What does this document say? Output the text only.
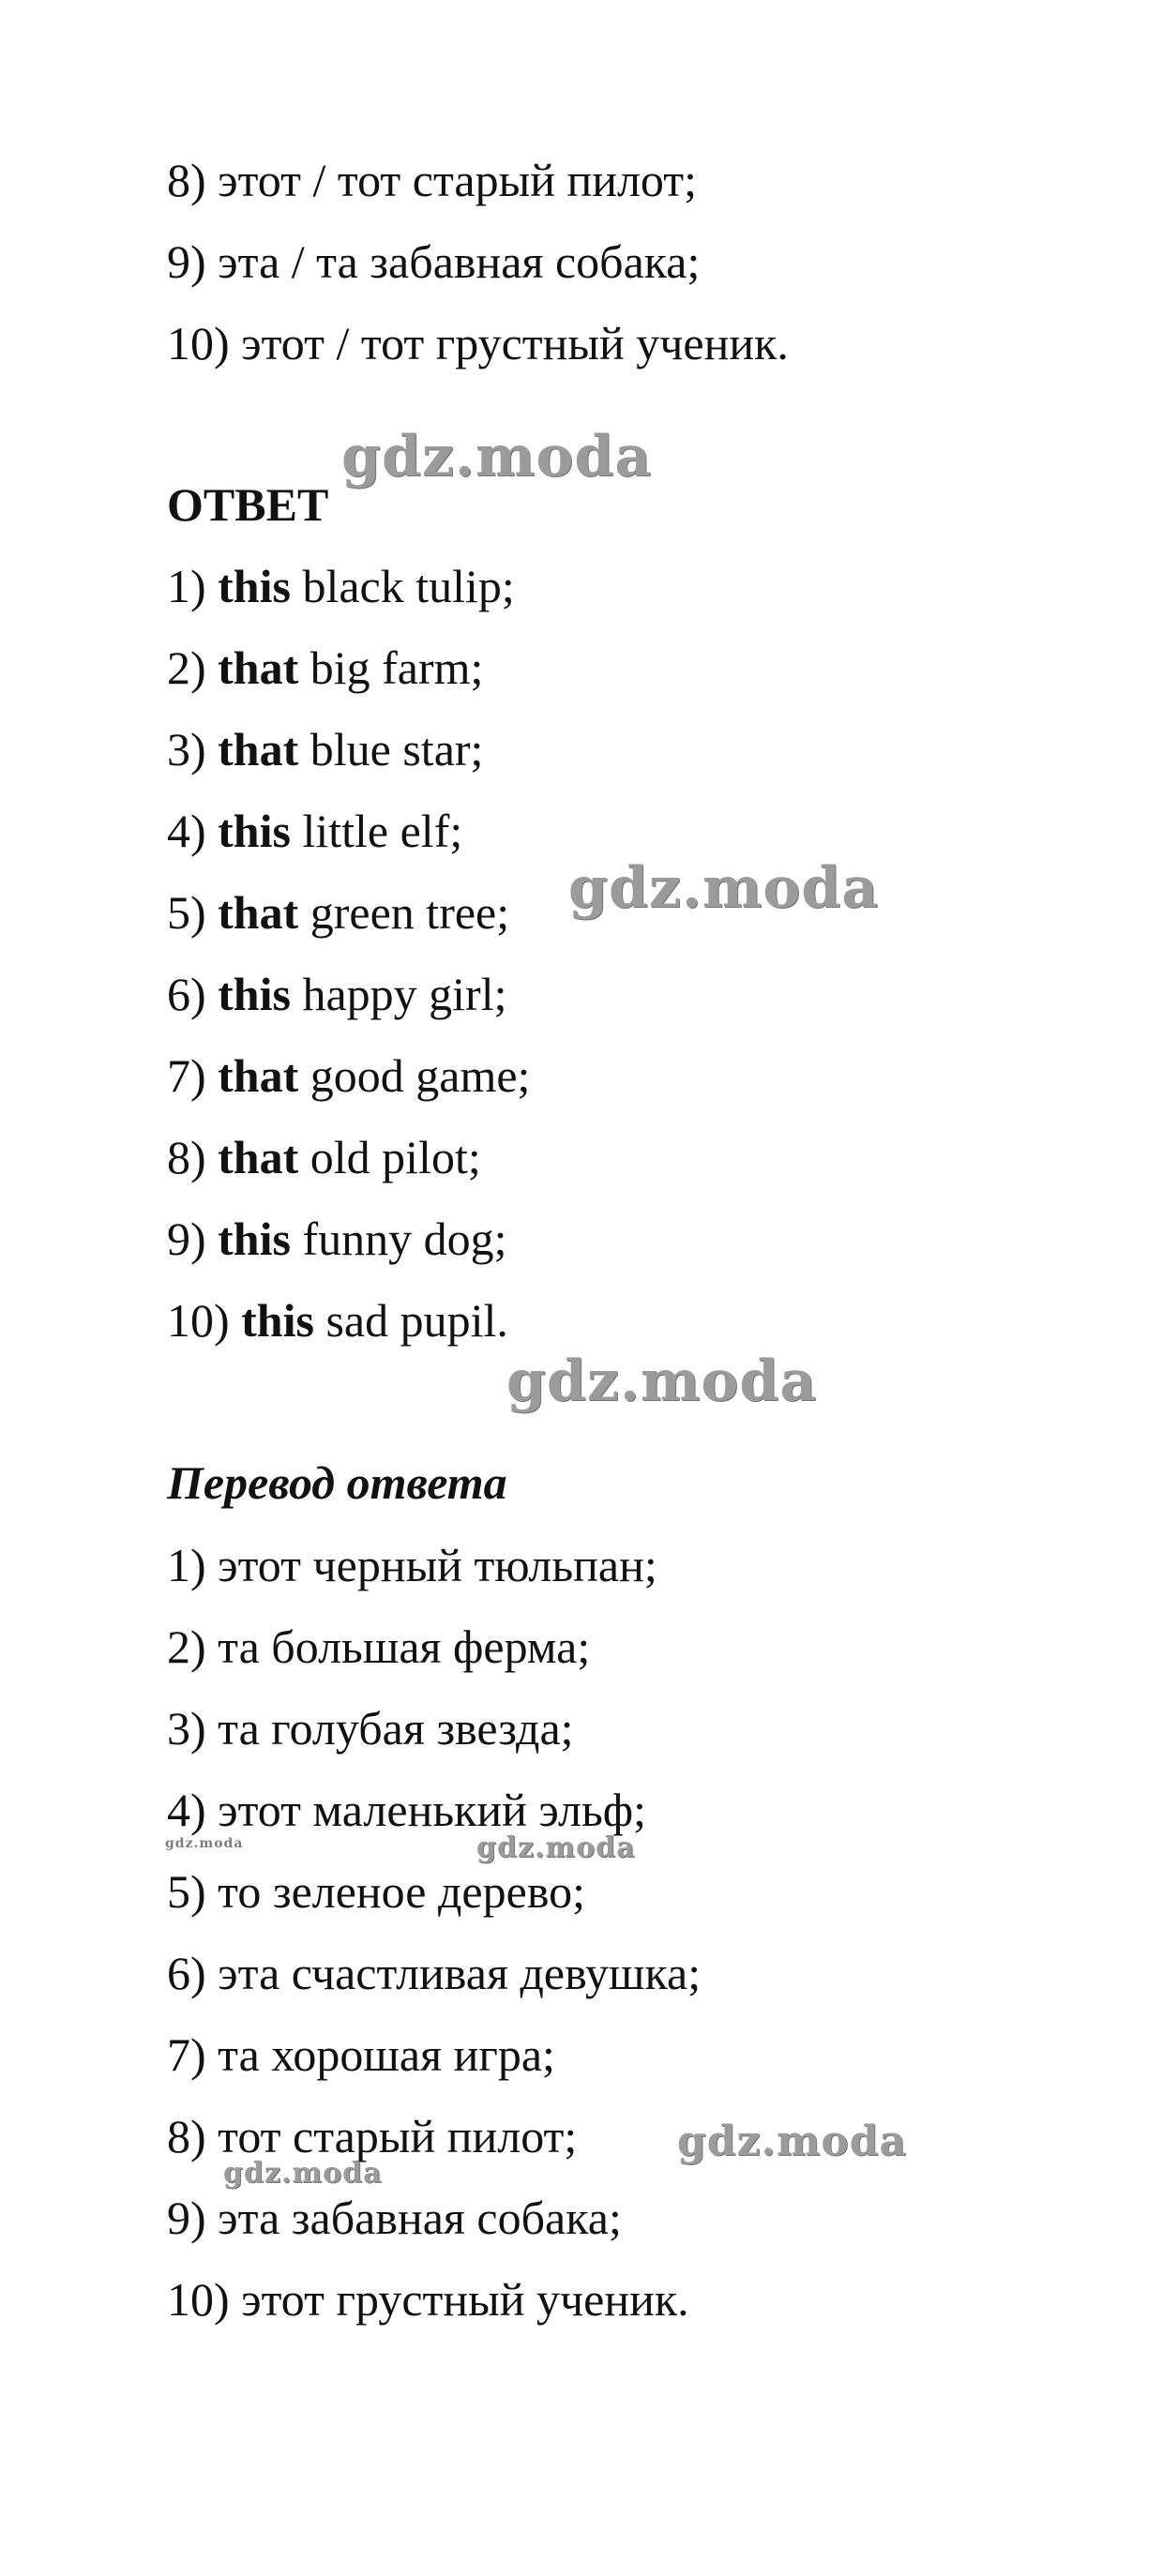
8) этот / тот старый пилот;
9) эта / та забавная собака;
10) этот / тот грустный ученик.
ОТВЕТ
1) this black tulip;
2) that big farm;
3) that blue star;
4) this little elf;
5) that green tree;
6) this happy girl;
7) that good game;
8) that old pilot;
9) this funny dog;
10) this sad pupil.
Перевод ответа
1) этот черный тюльпан;
2) та большая ферма;
3) та голубая звезда;
4) этот маленький эльф;
5) то зеленое дерево;
6) эта счастливая девушка;
7) та хорошая игра;
8) тот старый пилот;
9) эта забавная собака;
10) этот грустный ученик.
gdz.moda
gdz.moda
gdz.moda
gdz.moda
gdz.moda
gdz.moda
gdz.moda
